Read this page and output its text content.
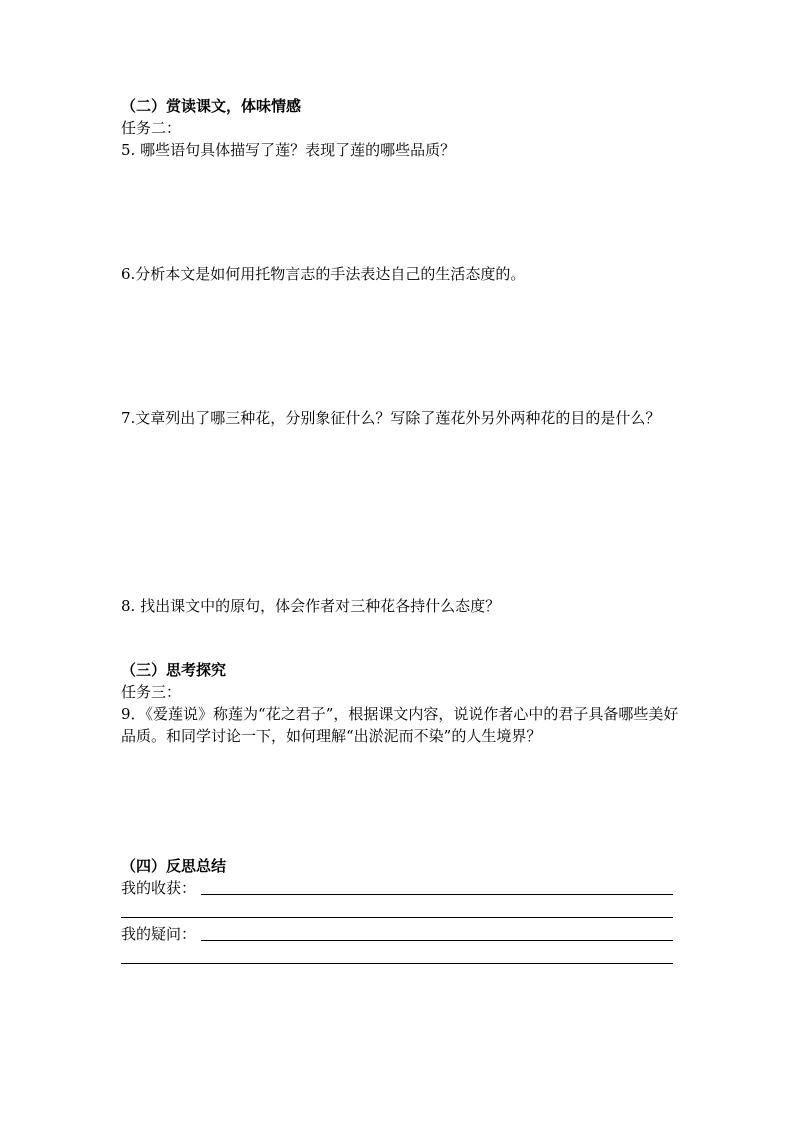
（二）赏读课文，体味情感
任务二：
5. 哪些语句具体描写了莲？表现了莲的哪些品质？
6.分析本文是如何用托物言志的手法表达自己的生活态度的。
7.文章列出了哪三种花，分别象征什么？写除了莲花外另外两种花的目的是什么？
8. 找出课文中的原句，体会作者对三种花各持什么态度？
（三）思考探究
任务三：
9．《爱莲说》称莲为“花之君子”，根据课文内容，说说作者心中的君子具备哪些美好品质。和同学讨论一下，如何理解“出淤泥而不染”的人生境界？
（四）反思总结
我的收获：
我的疑问：
